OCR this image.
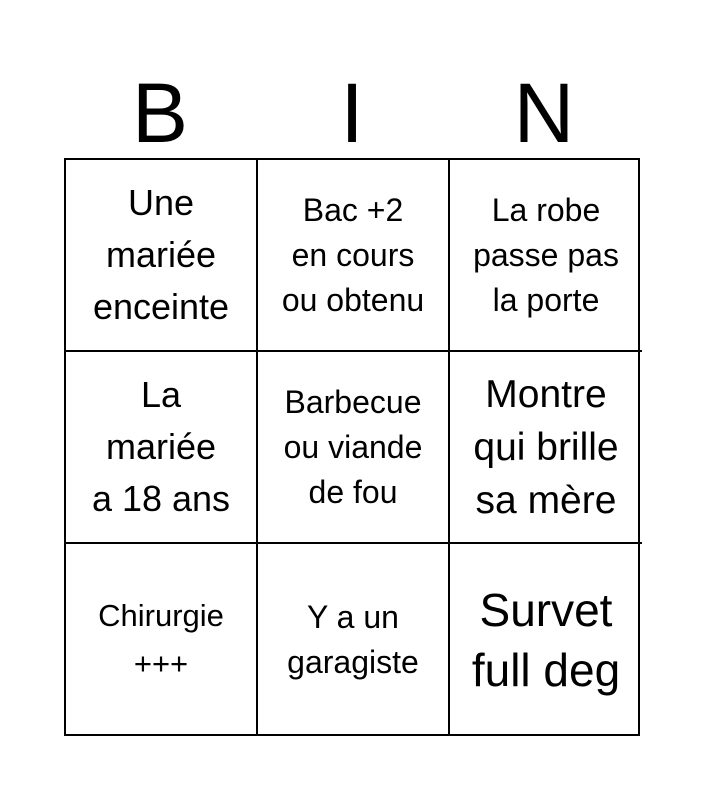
B	I	N
Une
mariée
enceinte
Bac +2
en cours
ou obtenu
La robe
passe pas
la porte
La
mariée
a 18 ans
Barbecue
ou viande
de fou
Montre
qui brille
sa mère
Chirurgie
+++
Y a un
garagiste
Survet
full deg
